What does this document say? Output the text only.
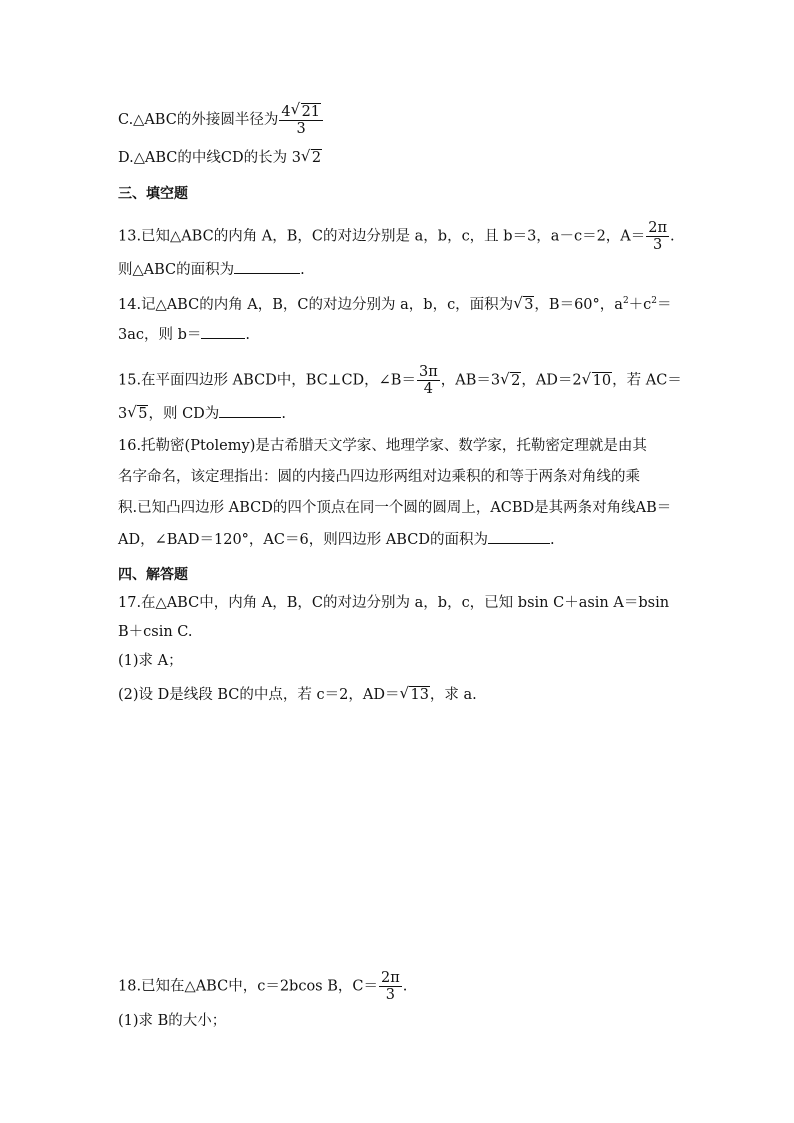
C.△ABC的外接圆半径为 $\frac{4 √ 21}{3}$
D.△ABC的中线CD的长为 3 √ 2
三、填空题
13.已知△ABC的内角 A，B，C的对边分别是 a，b，c，且 b＝3，a－c＝2，$A= \frac{2\pi}{3}$ .
则△ABC的面积为	.
14.记△ABC的内角 A，B，C的对边分别为 a，b，c，面积为 √ 3，B＝60°，$a^2+c^2=$
3ac，则 b＝	.
15.在平面四边形 ABCD中，BC⊥CD，∠B＝ $\frac{3\pi}{4}$ ，AB＝3 √ 2，AD＝2 √ 10，若 AC＝
3 √ 5，则 CD为	.
16.托勒密(Ptolemy)是古希腊天文学家、地理学家、数学家，托勒密定理就是由其
名字命名，该定理指出：圆的内接凸四边形两组对边乘积的和等于两条对角线的乘
积.已知凸四边形 ABCD的四个顶点在同一个圆的圆周上，ACBD是其两条对角线AB＝
AD，∠BAD＝120°，AC＝6，则四边形 ABCD的面积为	.
四、解答题
17.在△ABC中，内角 A，B，C的对边分别为 a，b，c，已知 bsin C＋asin A＝bsin
B＋csin C.
(1)求 A；
(2)设 D是线段 BC的中点，若 c＝2，AD＝ √ 13，求 a.
18.已知在△ABC中，c＝2bcos B，$C= \frac{2\pi}{3}$ .
(1)求 B的大小；
